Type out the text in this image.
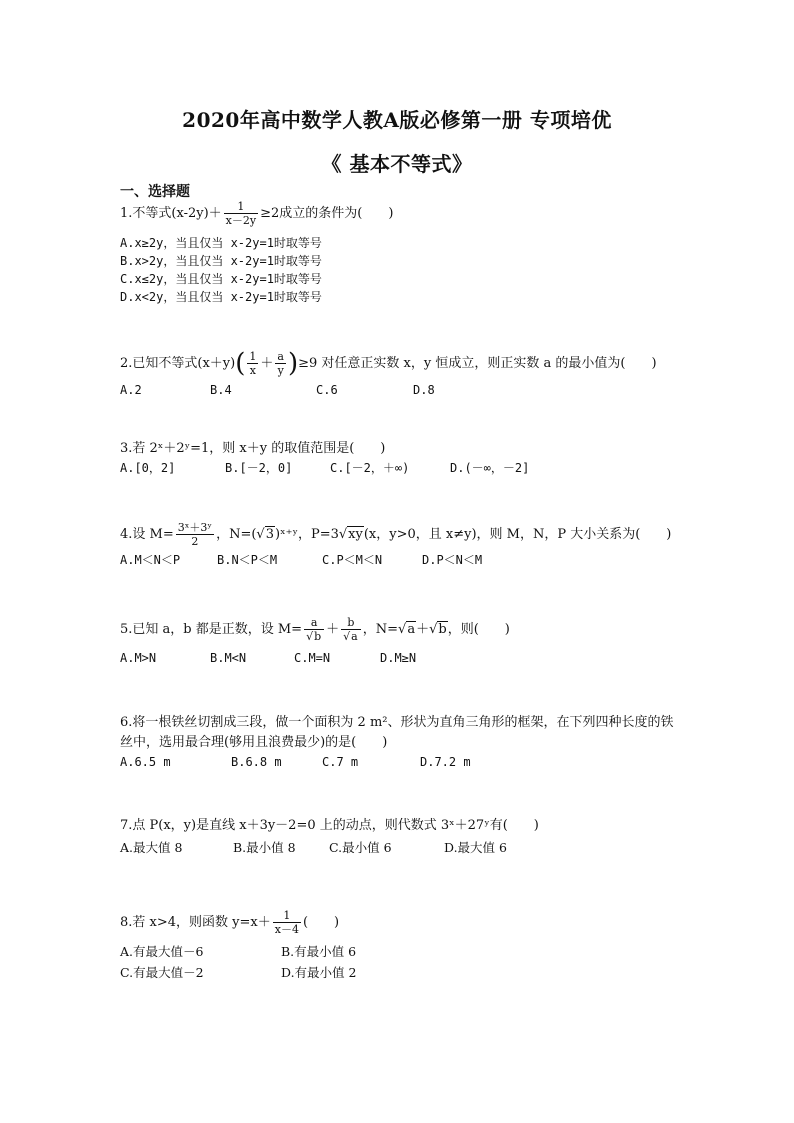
2020年高中数学人教A版必修第一册 专项培优
《 基本不等式》
一、选择题
1.不等式$(x-2y)+ \frac{1}{x-2y} \ge 2$成立的条件为(　　)
A.x≥2y，当且仅当 x-2y=1时取等号
B.x>2y，当且仅当 x-2y=1时取等号
C.x≤2y，当且仅当 x-2y=1时取等号
D.x<2y，当且仅当 x-2y=1时取等号
2.已知不等式$(x+y)( \frac{1}{x} + \frac{a}{y} )\ge 9$ 对任意正实数 x，y 恒成立，则正实数 a 的最小值为(　　)
A.2	B.4	C.6	D.8
3.若 2ˣ＋2ʸ=1，则 x＋y 的取值范围是(　　)
A.[0，2]	B.[－2，0]	C.[－2，＋∞)	D.(－∞，－2]
4.设 $M= \frac{\text{3ˣ＋3ʸ}}{2}$ ，N=(√3)ˣ⁺ʸ，P=3√xy(x，y>0，且 x≠y)，则 M，N，P 大小关系为(　　)
A.M＜N＜P	B.N＜P＜M	C.P＜M＜N	D.P＜N＜M
5.已知 a，b 都是正数，设 $M= \frac{a}{√b} + \frac{b}{√a}$ ，N=√a＋√b，则(　　)
A.M>N	B.M<N	C.M=N	D.M≥N
6.将一根铁丝切割成三段，做一个面积为 2 m²、形状为直角三角形的框架，在下列四种长度的铁
丝中，选用最合理(够用且浪费最少)的是(　　)
A.6.5 m	B.6.8 m	C.7 m	D.7.2 m
7.点 P(x，y)是直线 x＋3y－2=0 上的动点，则代数式 3ˣ＋27ʸ有(　　)
A.最大值 8	B.最小值 8	C.最小值 6	D.最大值 6
8.若 x>4，则函数 $y=x+ \frac{1}{x-4}$ (　　)
A.有最大值－6	B.有最小值 6
C.有最大值－2	D.有最小值 2
